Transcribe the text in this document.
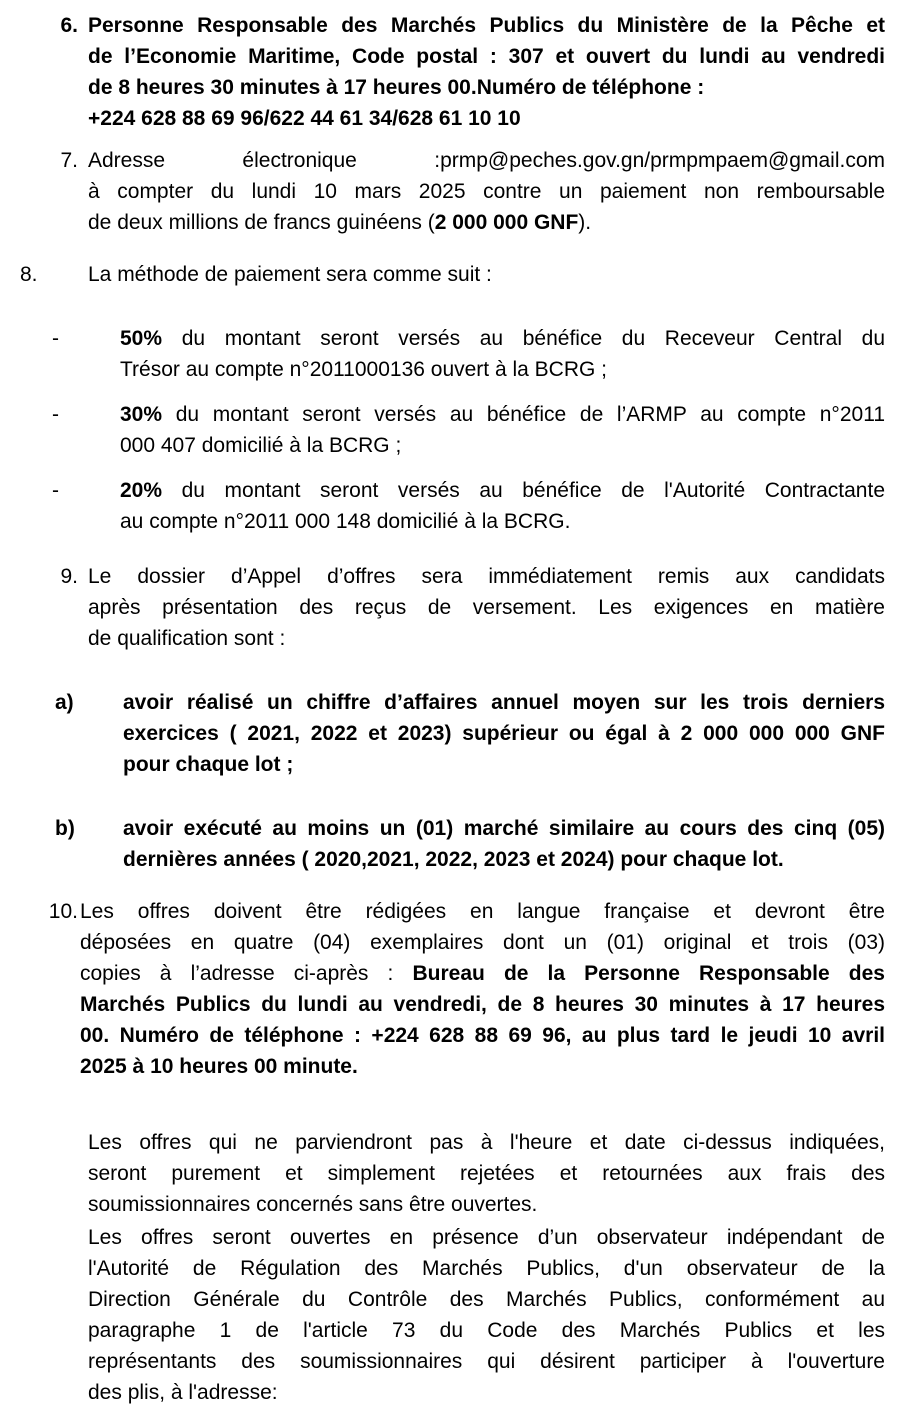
6. Personne Responsable des Marchés Publics du Ministère de la Pêche et
de l’Economie Maritime, Code postal : 307 et ouvert du lundi au vendredi
de 8 heures 30 minutes à 17 heures 00.Numéro de téléphone :
+224 628 88 69 96/622 44 61 34/628 61 10 10
7. Adresse électronique :prmp@peches.gov.gn/prmpmpaem@gmail.com
à compter du lundi 10 mars 2025 contre un paiement non remboursable
de deux millions de francs guinéens (2 000 000 GNF).
8. La méthode de paiement sera comme suit :
-	50% du montant seront versés au bénéfice du Receveur Central du
Trésor au compte n°2011000136 ouvert à la BCRG ;
-	30% du montant seront versés au bénéfice de l’ARMP au compte n°2011
000 407 domicilié à la BCRG ;
-	20% du montant seront versés au bénéfice de l'Autorité Contractante
au compte n°2011 000 148 domicilié à la BCRG.
9. Le dossier d’Appel d’offres sera immédiatement remis aux candidats
après présentation des reçus de versement. Les exigences en matière
de qualification sont :
a)	avoir réalisé un chiffre d’affaires annuel moyen sur les trois derniers
exercices ( 2021, 2022 et 2023) supérieur ou égal à 2 000 000 000 GNF
pour chaque lot ;
b)	avoir exécuté au moins un (01) marché similaire au cours des cinq (05)
dernières années ( 2020,2021, 2022, 2023 et 2024) pour chaque lot.
10. Les offres doivent être rédigées en langue française et devront être
déposées en quatre (04) exemplaires dont un (01) original et trois (03)
copies à l’adresse ci-après : Bureau de la Personne Responsable des
Marchés Publics du lundi au vendredi, de 8 heures 30 minutes à 17 heures
00. Numéro de téléphone : +224 628 88 69 96, au plus tard le jeudi 10 avril
2025 à 10 heures 00 minute.
Les offres qui ne parviendront pas à l'heure et date ci-dessus indiquées,
seront purement et simplement rejetées et retournées aux frais des
soumissionnaires concernés sans être ouvertes.
Les offres seront ouvertes en présence d’un observateur indépendant de
l'Autorité de Régulation des Marchés Publics, d'un observateur de la
Direction Générale du Contrôle des Marchés Publics, conformément au
paragraphe 1 de l'article 73 du Code des Marchés Publics et les
représentants des soumissionnaires qui désirent participer à l'ouverture
des plis, à l'adresse:
